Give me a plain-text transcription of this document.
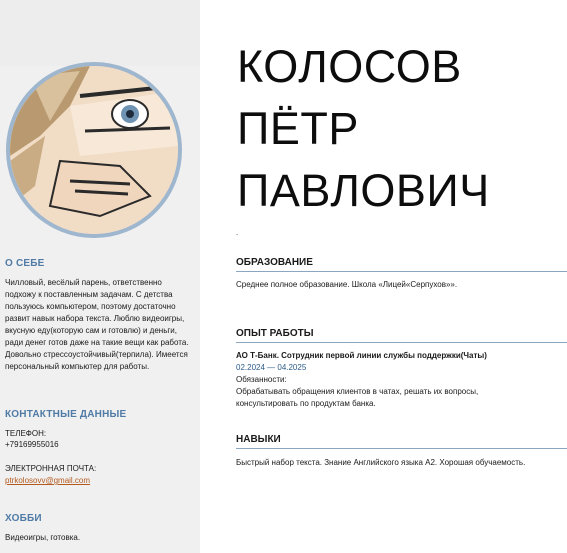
О СЕБЕ
Чилловый, весёлый парень, ответственно подхожу к поставленным задачам. С детства пользуюсь компьютером, поэтому достаточно развит навык набора текста. Люблю видеоигры, вкусную еду(которую сам и готовлю) и деньги, ради денег готов даже на такие вещи как работа. Довольно стрессоустойчивый(терпила). Имеется персональный компьютер для работы.
КОНТАКТНЫЕ ДАННЫЕ
ТЕЛЕФОН:
+79169955016
ЭЛЕКТРОННАЯ ПОЧТА:
ptrkolosovv@gmail.com
ХОББИ
Видеоигры, готовка.
КОЛОСОВ
ПЁТР
ПАВЛОВИЧ
.
ОБРАЗОВАНИЕ
Среднее полное образование. Школа «Лицей«Серпухов»».
ОПЫТ РАБОТЫ
АО Т-Банк. Сотрудник первой линии службы поддержки(Чаты)
02.2024 — 04.2025
Обязанности:
Обрабатывать обращения клиентов в чатах, решать их вопросы, консультировать по продуктам банка.
НАВЫКИ
Быстрый набор текста. Знание Английского языка А2. Хорошая обучаемость.
